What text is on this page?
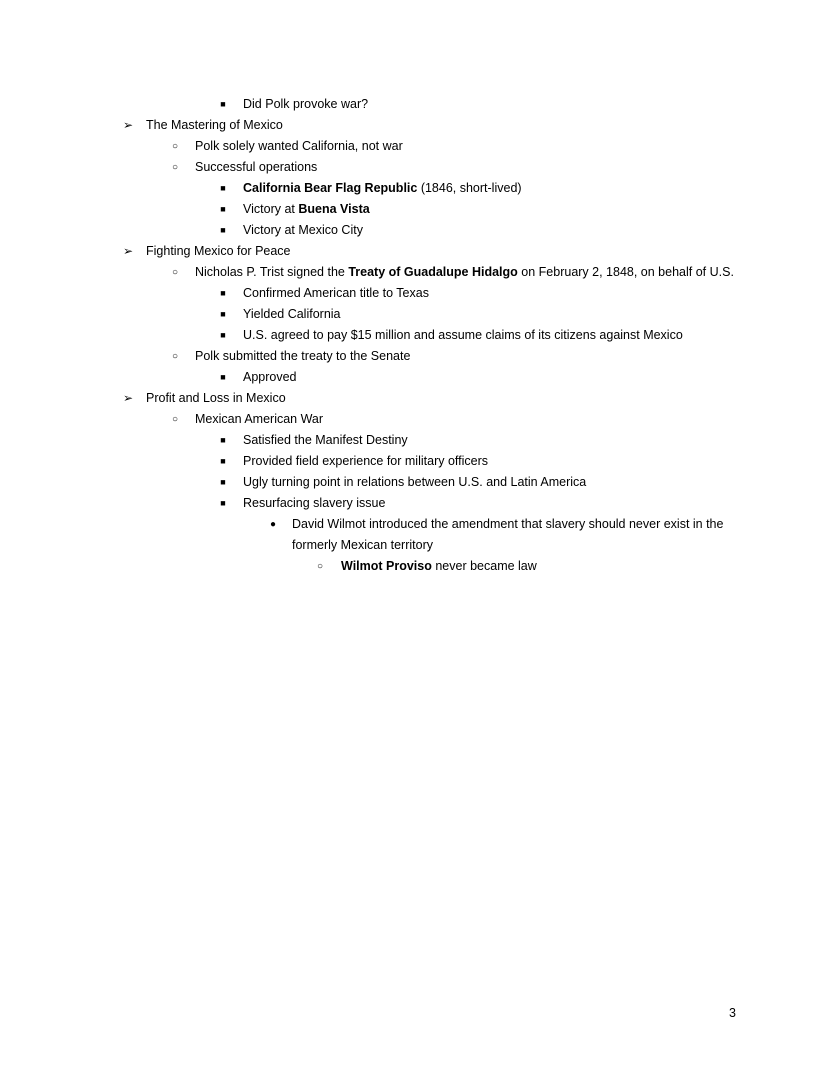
■	Did Polk provoke war?
➢ The Mastering of Mexico
○	Polk solely wanted California, not war
○	Successful operations
■	California Bear Flag Republic (1846, short-lived)
■	Victory at Buena Vista
■	Victory at Mexico City
➢ Fighting Mexico for Peace
○	Nicholas P. Trist signed the Treaty of Guadalupe Hidalgo on February 2, 1848, on behalf of U.S.
■	Confirmed American title to Texas
■	Yielded California
■	U.S. agreed to pay $15 million and assume claims of its citizens against Mexico
○	Polk submitted the treaty to the Senate
■	Approved
➢ Profit and Loss in Mexico
○	Mexican American War
■	Satisfied the Manifest Destiny
■	Provided field experience for military officers
■	Ugly turning point in relations between U.S. and Latin America
■	Resurfacing slavery issue
●	David Wilmot introduced the amendment that slavery should never exist in the
formerly Mexican territory
○	Wilmot Proviso never became law
3
